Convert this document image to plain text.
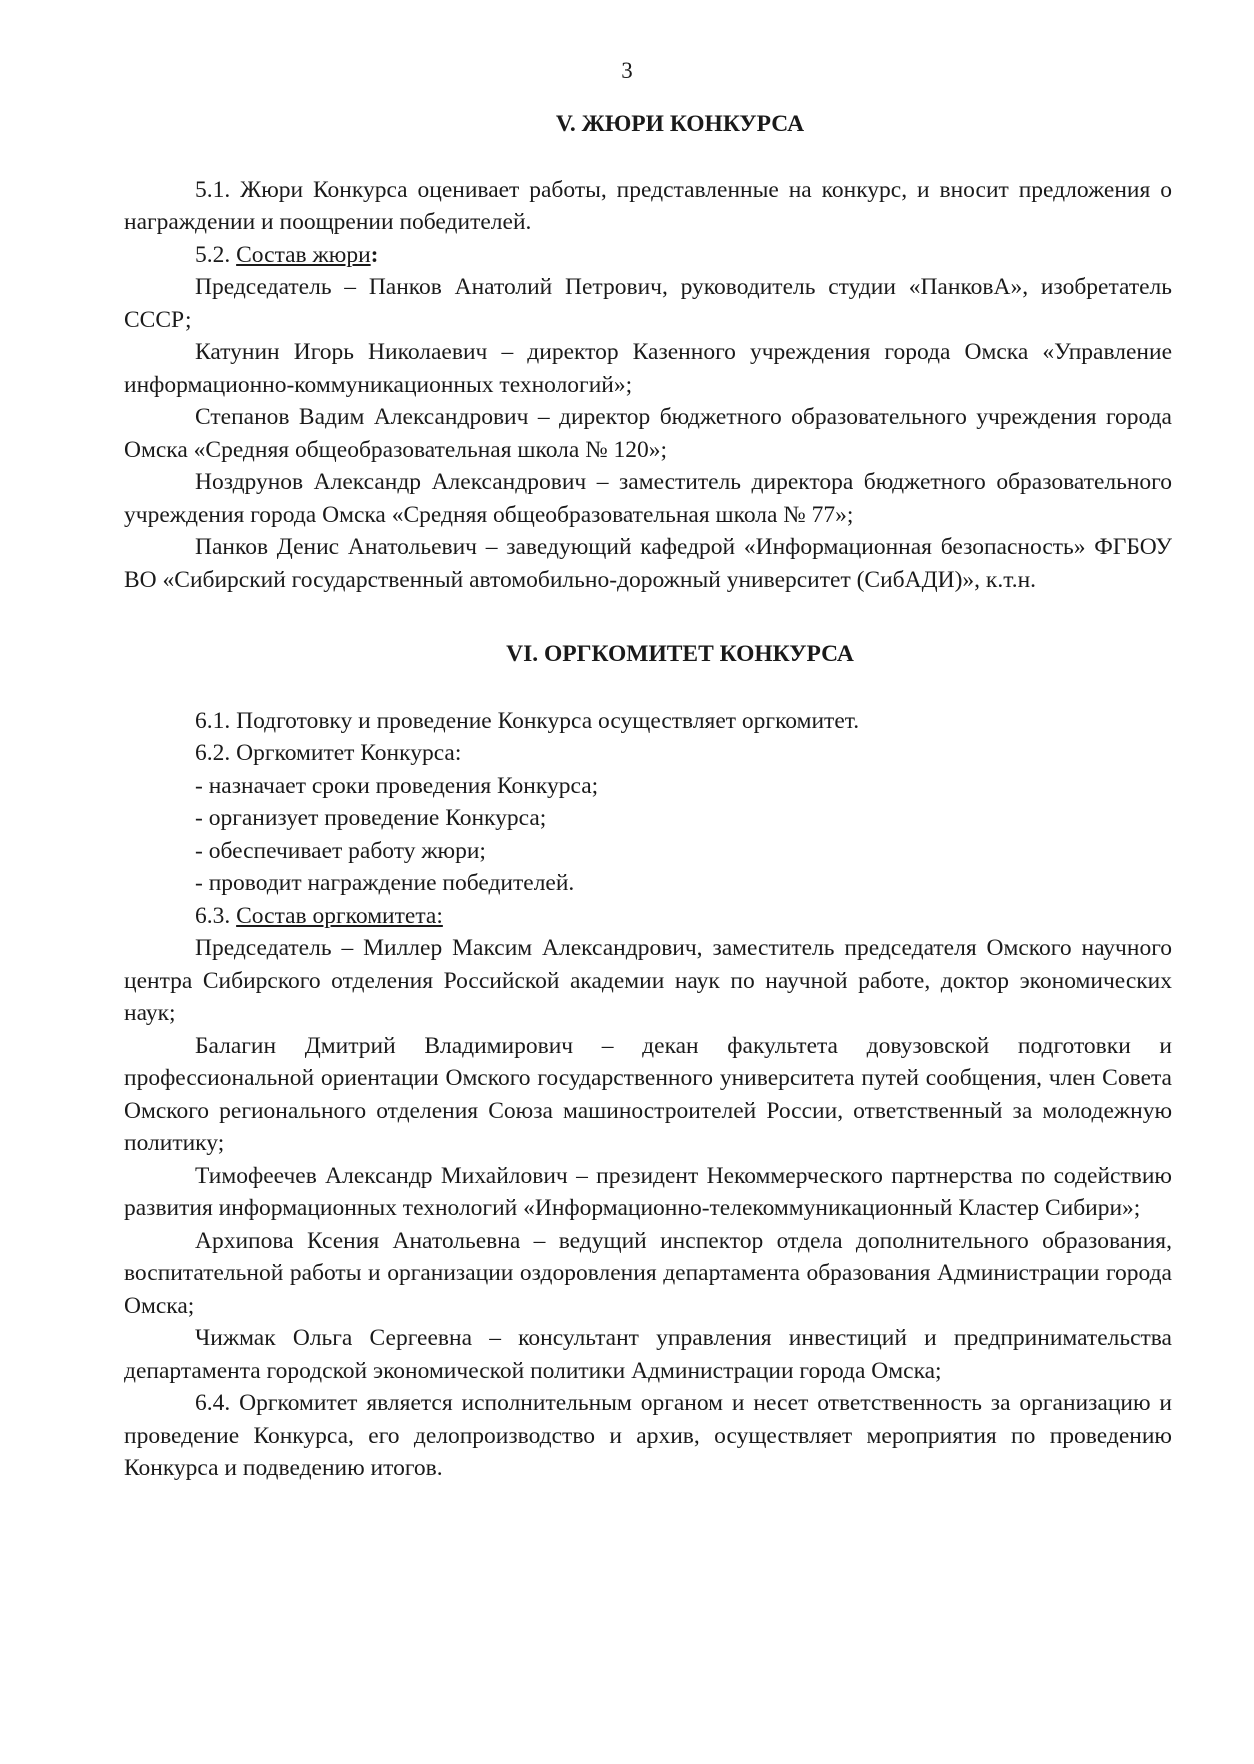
3
V. ЖЮРИ КОНКУРСА

5.1. Жюри Конкурса оценивает работы, представленные на конкурс, и вносит предложения о награждении и поощрении победителей.

5.2. Состав жюри:

Председатель – Панков Анатолий Петрович, руководитель студии «ПанковА», изобретатель СССР;

Катунин Игорь Николаевич – директор Казенного учреждения города Омска «Управление информационно-коммуникационных технологий»;

Степанов Вадим Александрович – директор бюджетного образовательного учреждения города Омска «Средняя общеобразовательная школа № 120»;

Ноздрунов Александр Александрович – заместитель директора бюджетного образовательного учреждения города Омска «Средняя общеобразовательная школа № 77»;

Панков Денис Анатольевич – заведующий кафедрой «Информационная безопасность» ФГБОУ ВО «Сибирский государственный автомобильно-дорожный университет (СибАДИ)», к.т.н.

VI. ОРГКОМИТЕТ КОНКУРСА

6.1. Подготовку и проведение Конкурса осуществляет оргкомитет.

6.2. Оргкомитет Конкурса:

- назначает сроки проведения Конкурса;

- организует проведение Конкурса;

- обеспечивает работу жюри;

- проводит награждение победителей.

6.3. Состав оргкомитета:

Председатель – Миллер Максим Александрович, заместитель председателя Омского научного центра Сибирского отделения Российской академии наук по научной работе, доктор экономических наук;

Балагин Дмитрий Владимирович – декан факультета довузовской подготовки и профессиональной ориентации Омского государственного университета путей сообщения, член Совета Омского регионального отделения Союза машиностроителей России, ответственный за молодежную политику;

Тимофеечев Александр Михайлович – президент Некоммерческого партнерства по содействию развития информационных технологий «Информационно-телекоммуникационный Кластер Сибири»;

Архипова Ксения Анатольевна – ведущий инспектор отдела дополнительного образования, воспитательной работы и организации оздоровления департамента образования Администрации города Омска;

Чижмак Ольга Сергеевна – консультант управления инвестиций и предпринимательства департамента городской экономической политики Администрации города Омска;

6.4. Оргкомитет является исполнительным органом и несет ответственность за организацию и проведение Конкурса, его делопроизводство и архив, осуществляет мероприятия по проведению Конкурса и подведению итогов.
